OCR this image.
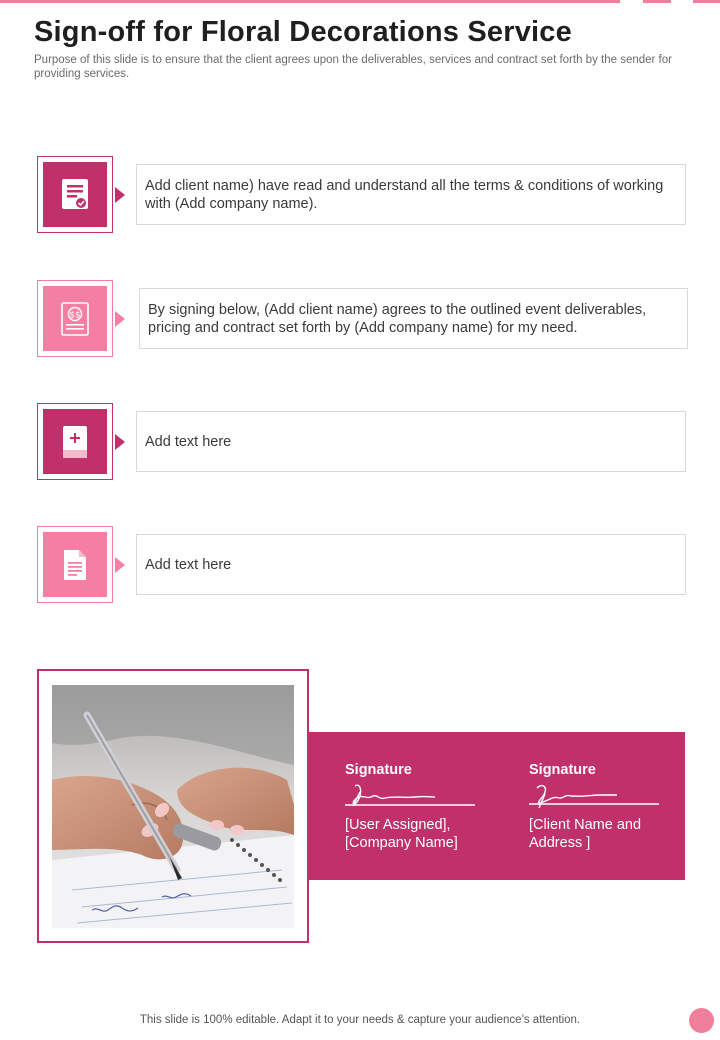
Sign-off for Floral Decorations Service

Purpose of this slide is to ensure that the client agrees upon the deliverables, services and contract set forth by the sender for providing services.

Add client name) have read and understand all the terms & conditions of working with (Add company name).
$$	By signing below, (Add client name) agrees to the outlined event deliverables, pricing and contract set forth by (Add company name) for my need.
Add text here
Add text here
Signature
[User Assigned], [Company Name]
Signature
[Client Name and Address ]
This slide is 100% editable. Adapt it to your needs & capture your audience’s attention.
